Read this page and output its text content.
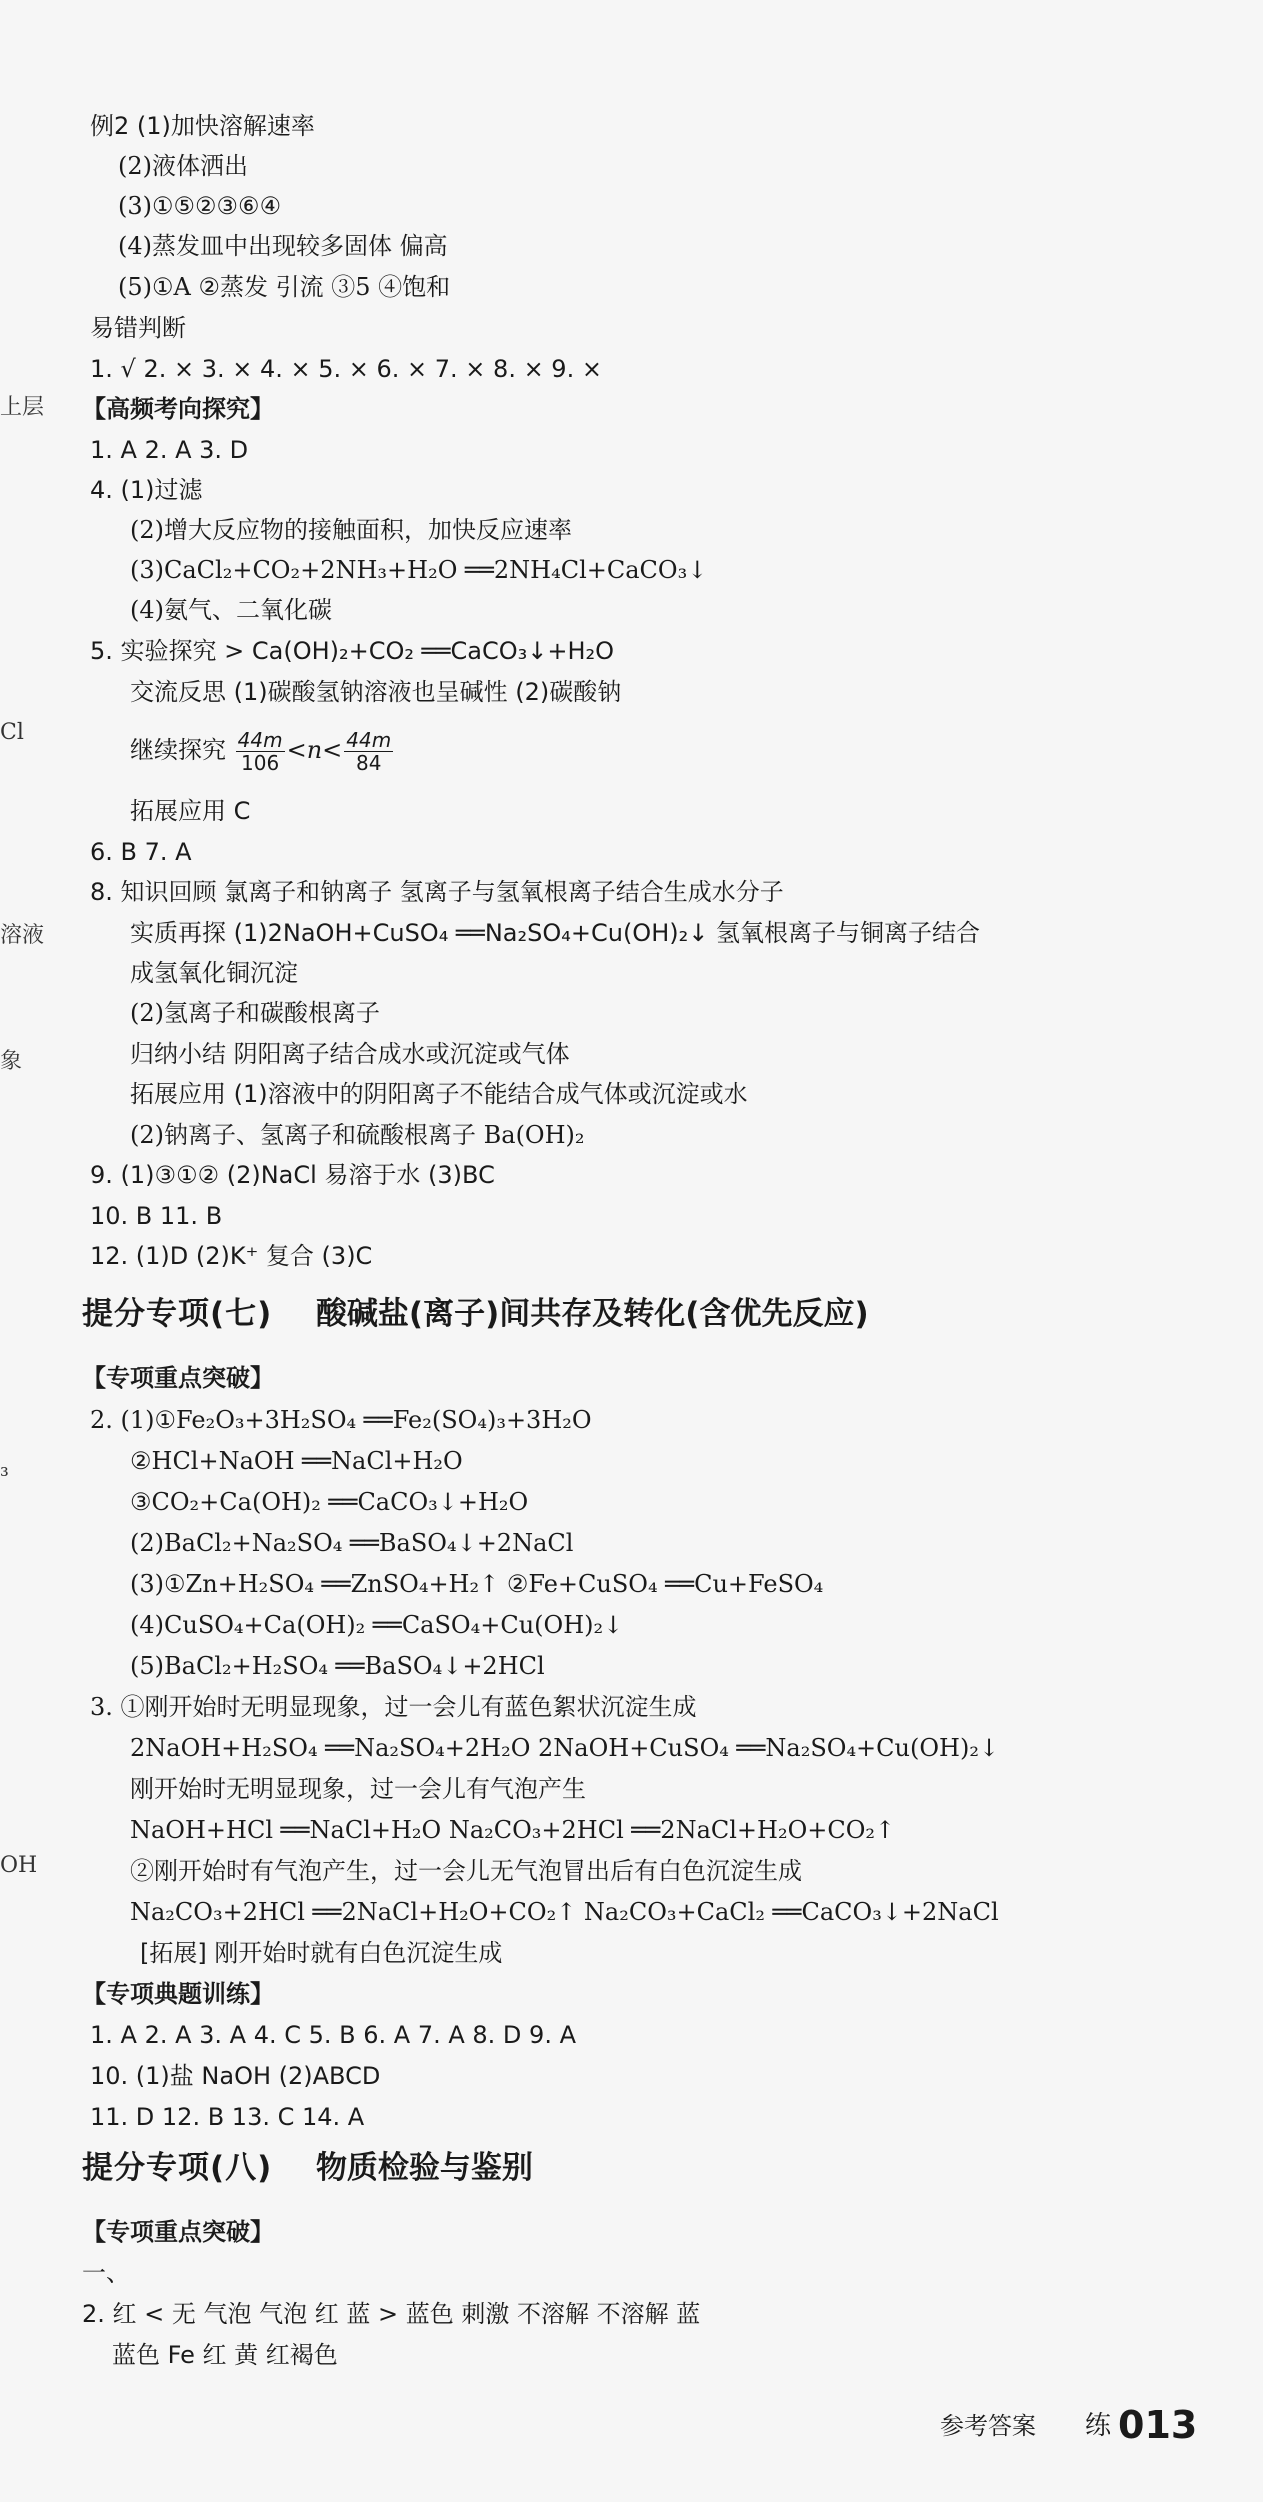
上层
Cl
溶液
象
₃
OH
例2 (1)加快溶解速率
(2)液体洒出
(3)①⑤②③⑥④
(4)蒸发皿中出现较多固体 偏高
(5)①A ②蒸发 引流 ③5 ④饱和
易错判断
1. √ 2. × 3. × 4. × 5. × 6. × 7. × 8. × 9. ×
【高频考向探究】
1. A 2. A 3. D
4. (1)过滤
(2)增大反应物的接触面积，加快反应速率
(3)CaCl₂+CO₂+2NH₃+H₂O ══2NH₄Cl+CaCO₃↓
(4)氨气、二氧化碳
5. 实验探究 > Ca(OH)₂+CO₂ ══CaCO₃↓+H₂O
交流反思 (1)碳酸氢钠溶液也呈碱性 (2)碳酸钠
继续探究 $\frac{44m}{106} <n< \frac{44m}{84}$
拓展应用 C
6. B 7. A
8. 知识回顾 氯离子和钠离子 氢离子与氢氧根离子结合生成水分子
实质再探 (1)2NaOH+CuSO₄ ══Na₂SO₄+Cu(OH)₂↓ 氢氧根离子与铜离子结合
成氢氧化铜沉淀
(2)氢离子和碳酸根离子
归纳小结 阴阳离子结合成水或沉淀或气体
拓展应用 (1)溶液中的阴阳离子不能结合成气体或沉淀或水
(2)钠离子、氢离子和硫酸根离子 Ba(OH)₂
9. (1)③①② (2)NaCl 易溶于水 (3)BC
10. B 11. B
12. (1)D (2)K⁺ 复合 (3)C
提分专项(七) 酸碱盐(离子)间共存及转化(含优先反应)
【专项重点突破】
2. (1)①Fe₂O₃+3H₂SO₄ ══Fe₂(SO₄)₃+3H₂O
②HCl+NaOH ══NaCl+H₂O
③CO₂+Ca(OH)₂ ══CaCO₃↓+H₂O
(2)BaCl₂+Na₂SO₄ ══BaSO₄↓+2NaCl
(3)①Zn+H₂SO₄ ══ZnSO₄+H₂↑ ②Fe+CuSO₄ ══Cu+FeSO₄
(4)CuSO₄+Ca(OH)₂ ══CaSO₄+Cu(OH)₂↓
(5)BaCl₂+H₂SO₄ ══BaSO₄↓+2HCl
3. ①刚开始时无明显现象，过一会儿有蓝色絮状沉淀生成
2NaOH+H₂SO₄ ══Na₂SO₄+2H₂O 2NaOH+CuSO₄ ══Na₂SO₄+Cu(OH)₂↓
刚开始时无明显现象，过一会儿有气泡产生
NaOH+HCl ══NaCl+H₂O Na₂CO₃+2HCl ══2NaCl+H₂O+CO₂↑
②刚开始时有气泡产生，过一会儿无气泡冒出后有白色沉淀生成
Na₂CO₃+2HCl ══2NaCl+H₂O+CO₂↑ Na₂CO₃+CaCl₂ ══CaCO₃↓+2NaCl
[拓展] 刚开始时就有白色沉淀生成
【专项典题训练】
1. A 2. A 3. A 4. C 5. B 6. A 7. A 8. D 9. A
10. (1)盐 NaOH (2)ABCD
11. D 12. B 13. C 14. A
提分专项(八) 物质检验与鉴别
【专项重点突破】
一、
2. 红 < 无 气泡 气泡 红 蓝 > 蓝色 刺激 不溶解 不溶解 蓝
蓝色 Fe 红 黄 红褐色
参考答案 练 013
